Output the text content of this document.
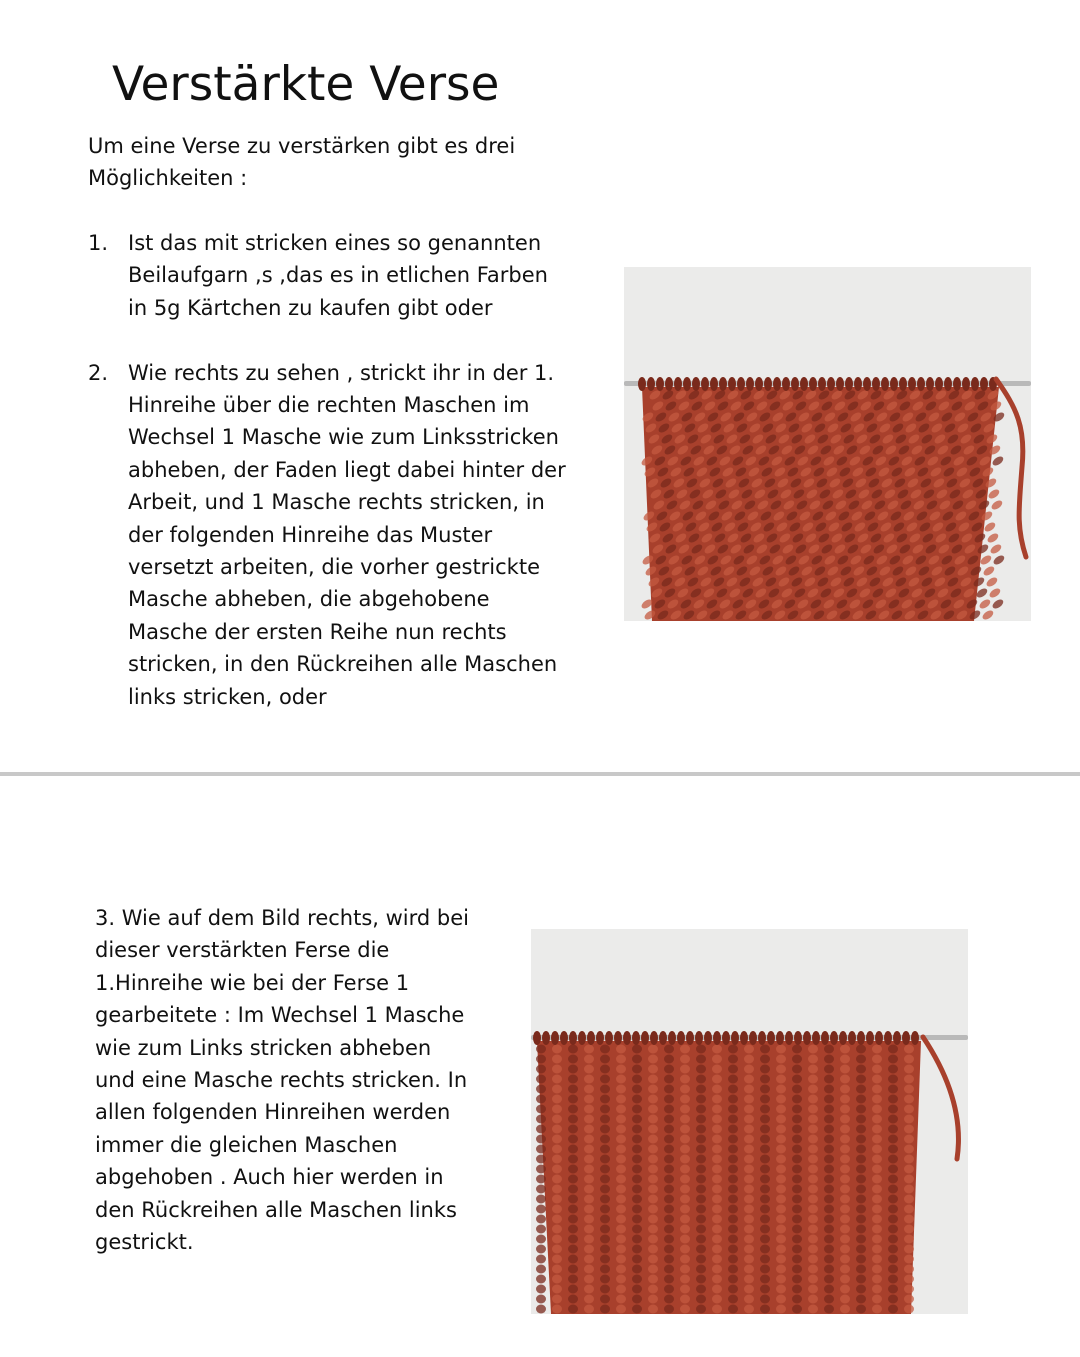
Verstärkte Verse

Um eine Verse zu verstärken gibt es drei Möglichkeiten :

1. Ist das mit stricken eines so genannten Beilaufgarn ,s ,das es in etlichen Farben in 5g Kärtchen zu kaufen gibt oder
2. Wie rechts zu sehen , strickt ihr in der 1. Hinreihe über die rechten Maschen im Wechsel 1 Masche wie zum Linksstricken abheben, der Faden liegt dabei hinter der Arbeit, und 1 Masche rechts stricken, in der folgenden Hinreihe das Muster versetzt arbeiten, die vorher gestrickte Masche abheben, die abgehobene Masche der ersten Reihe nun rechts stricken, in den Rückreihen alle Maschen links stricken, oder

3. Wie auf dem Bild rechts, wird bei dieser verstärkten Ferse die 1.Hinreihe wie bei der Ferse 1 gearbeitete : Im Wechsel 1 Masche wie zum Links stricken abheben und eine Masche rechts stricken. In allen folgenden Hinreihen werden immer die gleichen Maschen abgehoben . Auch hier werden in den Rückreihen alle Maschen links gestrickt.
